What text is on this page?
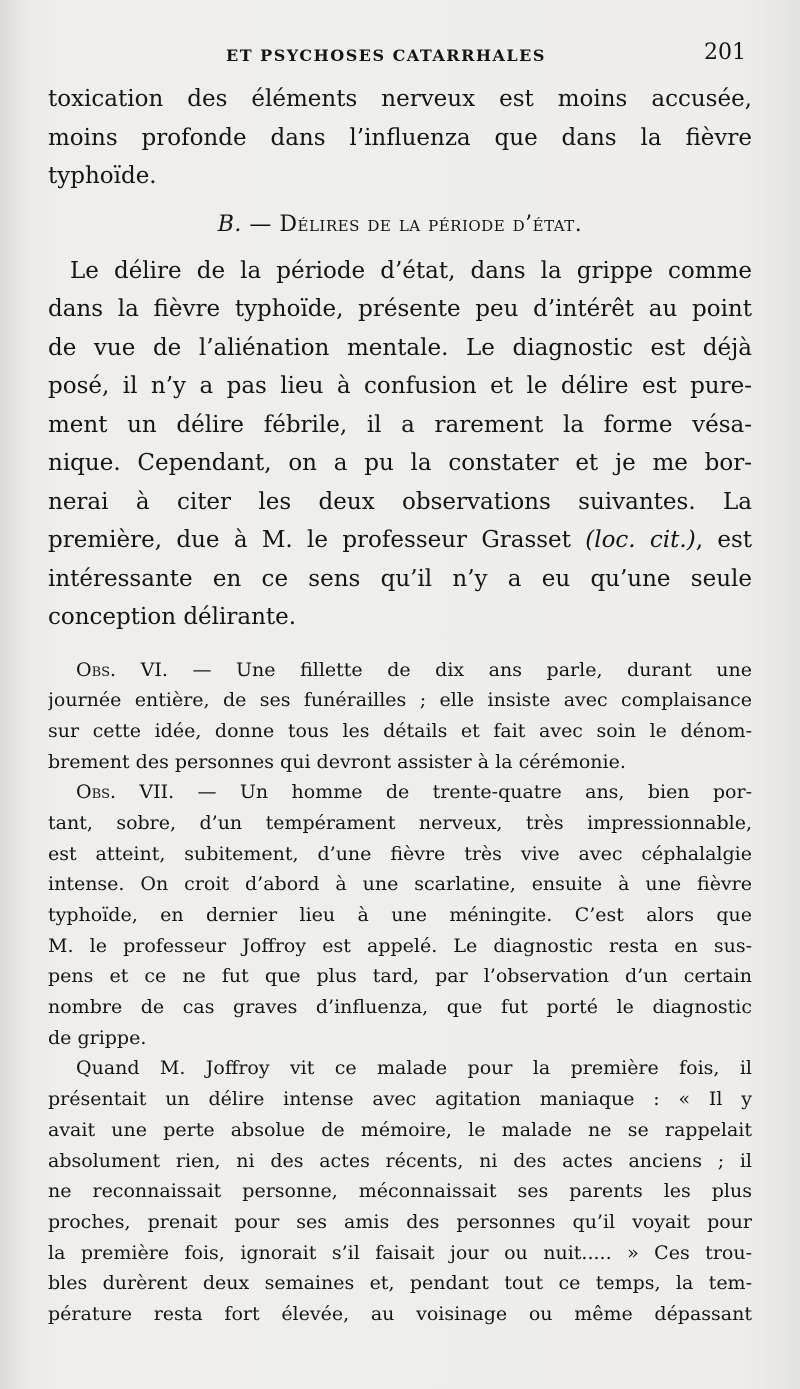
ET PSYCHOSES CATARRHALES	201
toxication des éléments nerveux est moins accusée,
moins profonde dans l’influenza que dans la fièvre
typhoïde.
B. — Délires de la période d’état.
Le délire de la période d’état, dans la grippe comme
dans la fièvre typhoïde, présente peu d’intérêt au point
de vue de l’aliénation mentale. Le diagnostic est déjà
posé, il n’y a pas lieu à confusion et le délire est pure-
ment un délire fébrile, il a rarement la forme vésa-
nique. Cependant, on a pu la constater et je me bor-
nerai à citer les deux observations suivantes. La
première, due à M. le professeur Grasset (loc. cit.), est
intéressante en ce sens qu’il n’y a eu qu’une seule
conception délirante.
Obs. VI. — Une fillette de dix ans parle, durant une
journée entière, de ses funérailles ; elle insiste avec complaisance
sur cette idée, donne tous les détails et fait avec soin le dénom-
brement des personnes qui devront assister à la cérémonie.
Obs. VII. — Un homme de trente-quatre ans, bien por-
tant, sobre, d’un tempérament nerveux, très impressionnable,
est atteint, subitement, d’une fièvre très vive avec céphalalgie
intense. On croit d’abord à une scarlatine, ensuite à une fièvre
typhoïde, en dernier lieu à une méningite. C’est alors que
M. le professeur Joffroy est appelé. Le diagnostic resta en sus-
pens et ce ne fut que plus tard, par l’observation d’un certain
nombre de cas graves d’influenza, que fut porté le diagnostic
de grippe.
Quand M. Joffroy vit ce malade pour la première fois, il
présentait un délire intense avec agitation maniaque : « Il y
avait une perte absolue de mémoire, le malade ne se rappelait
absolument rien, ni des actes récents, ni des actes anciens ; il
ne reconnaissait personne, méconnaissait ses parents les plus
proches, prenait pour ses amis des personnes qu’il voyait pour
la première fois, ignorait s’il faisait jour ou nuit..... » Ces trou-
bles durèrent deux semaines et, pendant tout ce temps, la tem-
pérature resta fort élevée, au voisinage ou même dépassant
